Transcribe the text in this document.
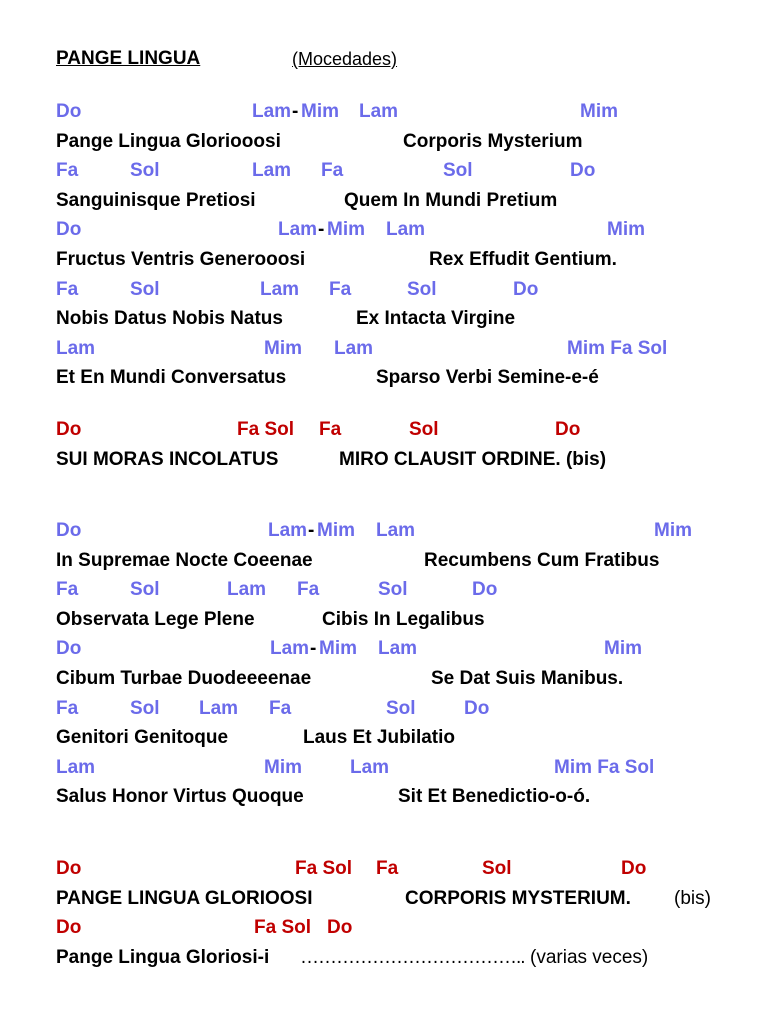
PANGE LINGUA	(Mocedades)
Do	Lam - Mim Lam	Mim
Pange Lingua Gloriooosi	Corporis Mysterium
Fa	Sol	Lam Fa	Sol	Do
Sanguinisque Pretiosi	Quem In Mundi Pretium
Do	Lam - Mim Lam	Mim
Fructus Ventris Generooosi	Rex Effudit Gentium.
Fa	Sol	Lam Fa	Sol	Do
Nobis Datus Nobis Natus	Ex Intacta Virgine
Lam	Mim Lam	Mim Fa Sol
Et En Mundi Conversatus	Sparso Verbi Semine-e-é
Do	Fa Sol Fa	Sol	Do
SUI MORAS INCOLATUS	MIRO CLAUSIT ORDINE. (bis)
Do	Lam - Mim Lam	Mim
In Supremae Nocte Coeenae	Recumbens Cum Fratibus
Fa	Sol	Lam Fa	Sol	Do
Observata Lege Plene	Cibis In Legalibus
Do	Lam - Mim Lam	Mim
Cibum Turbae Duodeeeenae	Se Dat Suis Manibus.
Fa	Sol Lam Fa	Sol	Do
Genitori Genitoque	Laus Et Jubilatio
Lam	Mim	Lam	Mim Fa Sol
Salus Honor Virtus Quoque	Sit Et Benedictio-o-ó.
Do	Fa Sol Fa	Sol	Do
PANGE LINGUA GLORIOOSI	CORPORIS MYSTERIUM. (bis)
Do	Fa Sol Do
Pange Lingua Gloriosi-i ……………………………….. (varias veces)
